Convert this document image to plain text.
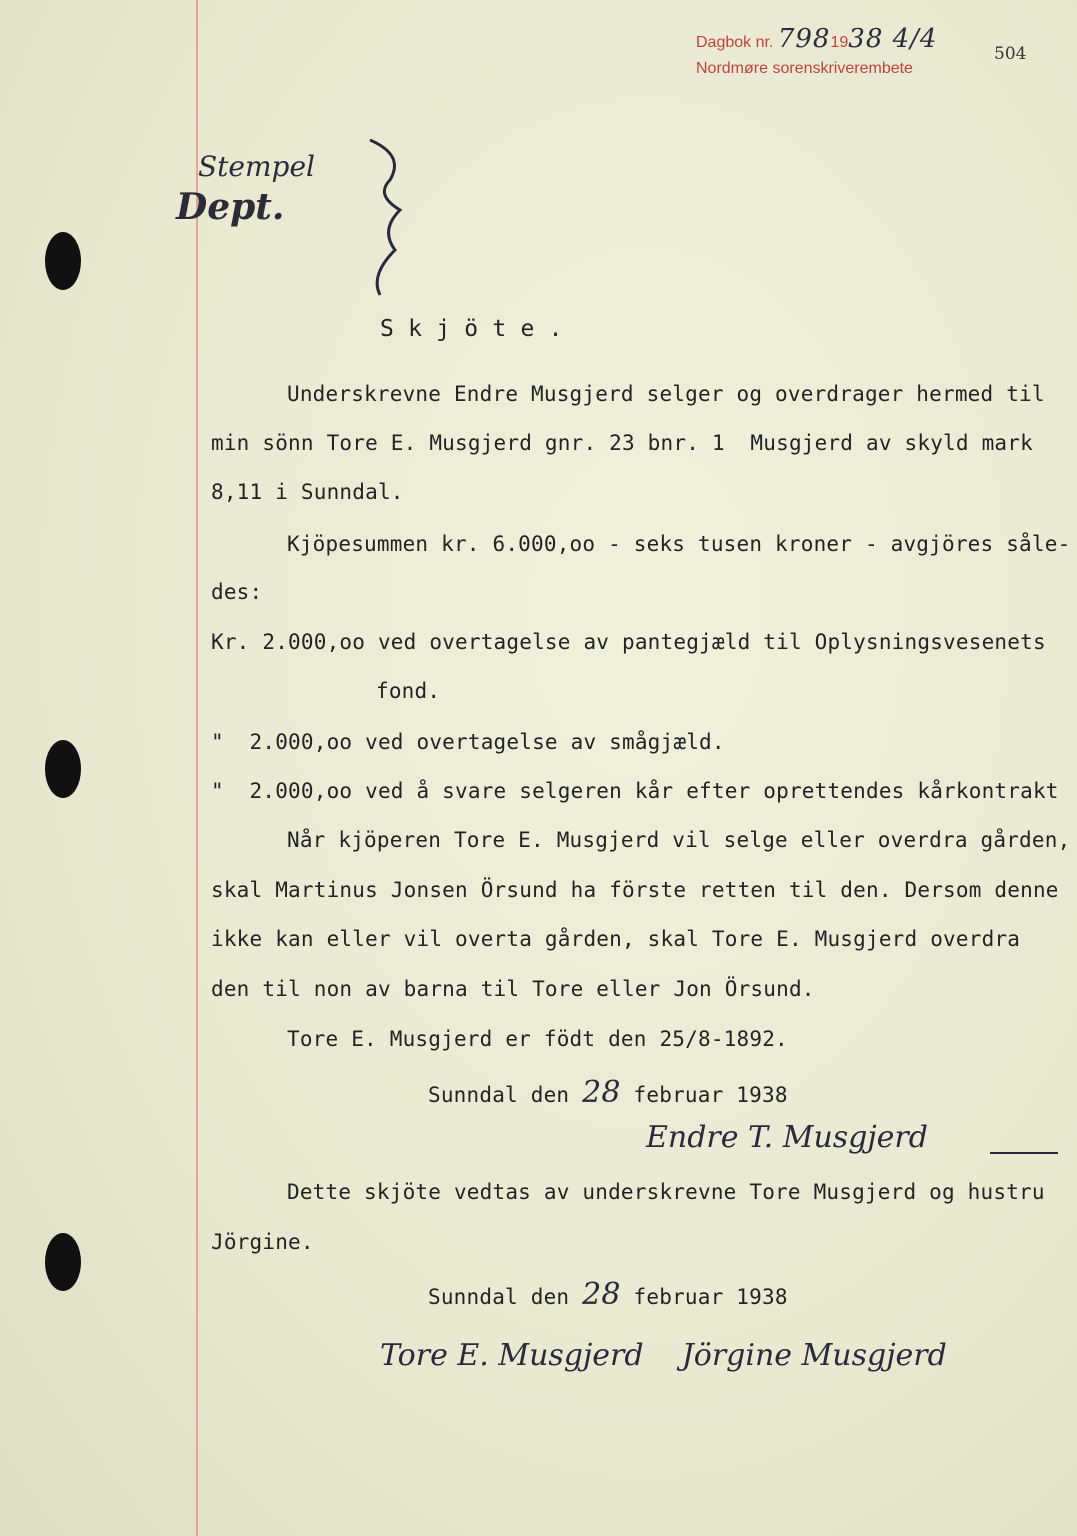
Dagbok nr. 7981938 4/4
Nordmøre sorenskriverembete
504
Stempel
Dept.
S k j ö t e .
Underskrevne Endre Musgjerd selger og overdrager hermed til
min sönn Tore E. Musgjerd gnr. 23 bnr. 1  Musgjerd av skyld mark
8,11 i Sunndal.
Kjöpesummen kr. 6.000,oo - seks tusen kroner - avgjöres såle-
des:
Kr. 2.000,oo ved overtagelse av pantegjæld til Oplysningsvesenets
fond.
"  2.000,oo ved overtagelse av smågjæld.
"  2.000,oo ved å svare selgeren kår efter oprettendes kårkontrakt
Når kjöperen Tore E. Musgjerd vil selge eller overdra gården,
skal Martinus Jonsen Örsund ha förste retten til den. Dersom denne
ikke kan eller vil overta gården, skal Tore E. Musgjerd overdra
den til non av barna til Tore eller Jon Örsund.
Tore E. Musgjerd er födt den 25/8-1892.
Sunndal den 28 februar 1938
Endre T. Musgjerd
Dette skjöte vedtas av underskrevne Tore Musgjerd og hustru
Jörgine.
Sunndal den 28 februar 1938
Tore E. Musgjerd    Jörgine Musgjerd
